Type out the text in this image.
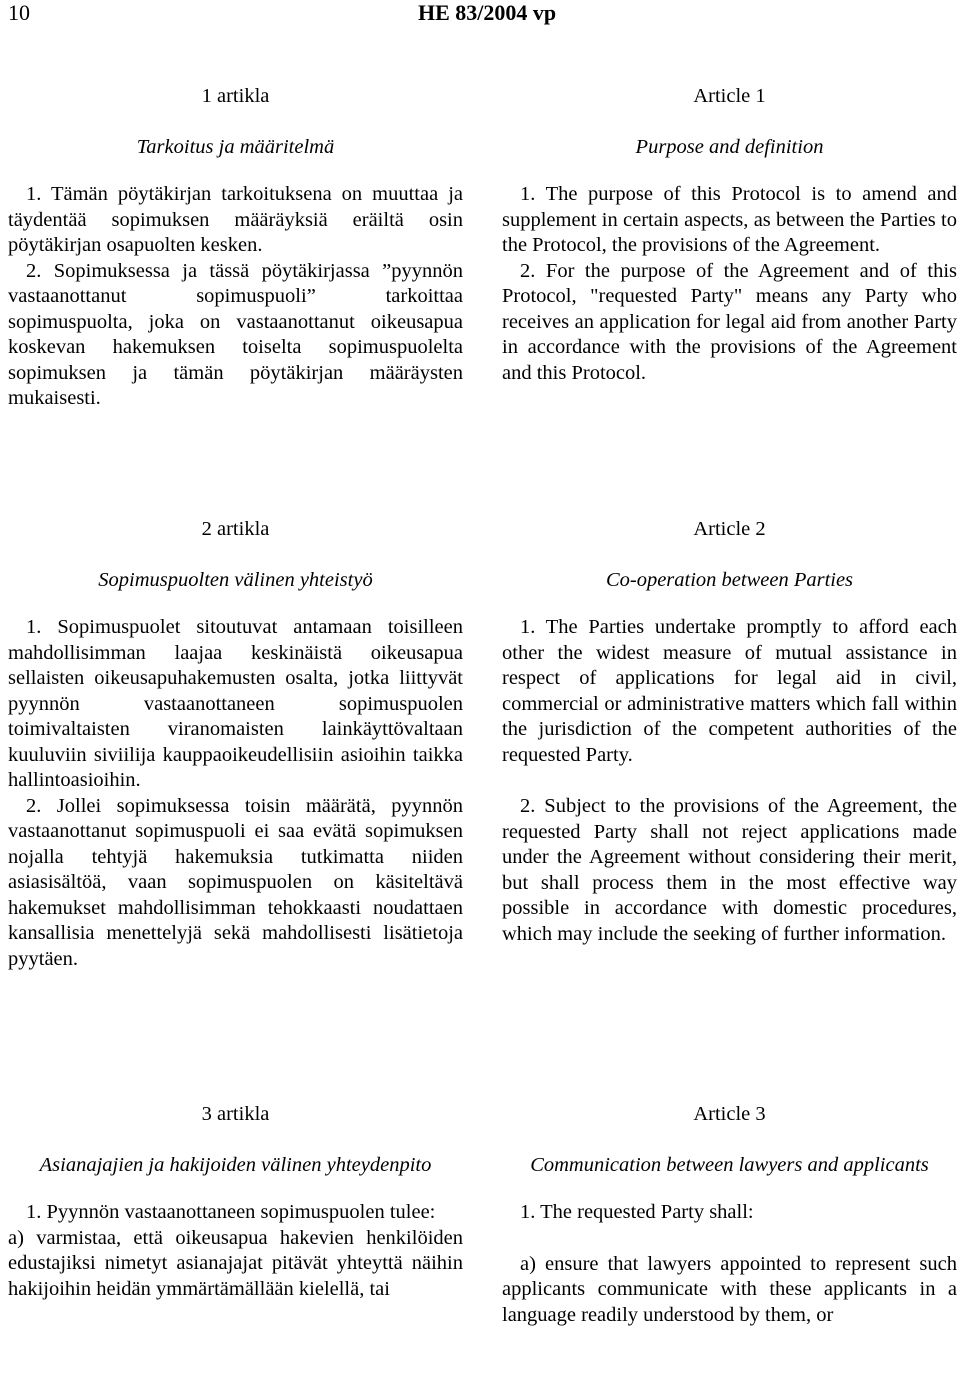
10	HE 83/2004 vp

1 artikla

Tarkoitus ja määritelmä

1. Tämän pöytäkirjan tarkoituksena on muuttaa ja täydentää sopimuksen määräyksiä eräiltä osin pöytäkirjan osapuolten kesken.

2. Sopimuksessa ja tässä pöytäkirjassa ”pyynnön vastaanottanut sopimuspuoli” tarkoittaa sopimuspuolta, joka on vastaanottanut oikeusapua koskevan hakemuksen toiselta sopimuspuolelta sopimuksen ja tämän pöytäkirjan määräysten mukaisesti.

Article 1

Purpose and definition

1. The purpose of this Protocol is to amend and supplement in certain aspects, as between the Parties to the Protocol, the provisions of the Agreement.

2. For the purpose of the Agreement and of this Protocol, "requested Party" means any Party who receives an application for legal aid from another Party in accordance with the provisions of the Agreement and this Protocol.

2 artikla

Sopimuspuolten välinen yhteistyö

1. Sopimuspuolet sitoutuvat antamaan toisilleen mahdollisimman laajaa keskinäistä oikeusapua sellaisten oikeusapuhakemusten osalta, jotka liittyvät pyynnön vastaanottaneen sopimuspuolen toimivaltaisten viranomaisten lainkäyttövaltaan kuuluviin siviilija kauppaoikeudellisiin asioihin taikka hallintoasioihin.

2. Jollei sopimuksessa toisin määrätä, pyynnön vastaanottanut sopimuspuoli ei saa evätä sopimuksen nojalla tehtyjä hakemuksia tutkimatta niiden asiasisältöä, vaan sopimuspuolen on käsiteltävä hakemukset mahdollisimman tehokkaasti noudattaen kansallisia menettelyjä sekä mahdollisesti lisätietoja pyytäen.

Article 2

Co-operation between Parties

1. The Parties undertake promptly to afford each other the widest measure of mutual assistance in respect of applications for legal aid in civil, commercial or administrative matters which fall within the jurisdiction of the competent authorities of the requested Party.

2. Subject to the provisions of the Agreement, the requested Party shall not reject applications made under the Agreement without considering their merit, but shall process them in the most effective way possible in accordance with domestic procedures, which may include the seeking of further information.

3 artikla

Asianajajien ja hakijoiden välinen yhteydenpito

1. Pyynnön vastaanottaneen sopimuspuolen tulee:

a) varmistaa, että oikeusapua hakevien henkilöiden edustajiksi nimetyt asianajajat pitävät yhteyttä näihin hakijoihin heidän ymmärtämällään kielellä, tai

Article 3

Communication between lawyers and applicants

1. The requested Party shall:

a) ensure that lawyers appointed to represent such applicants communicate with these applicants in a language readily understood by them, or
